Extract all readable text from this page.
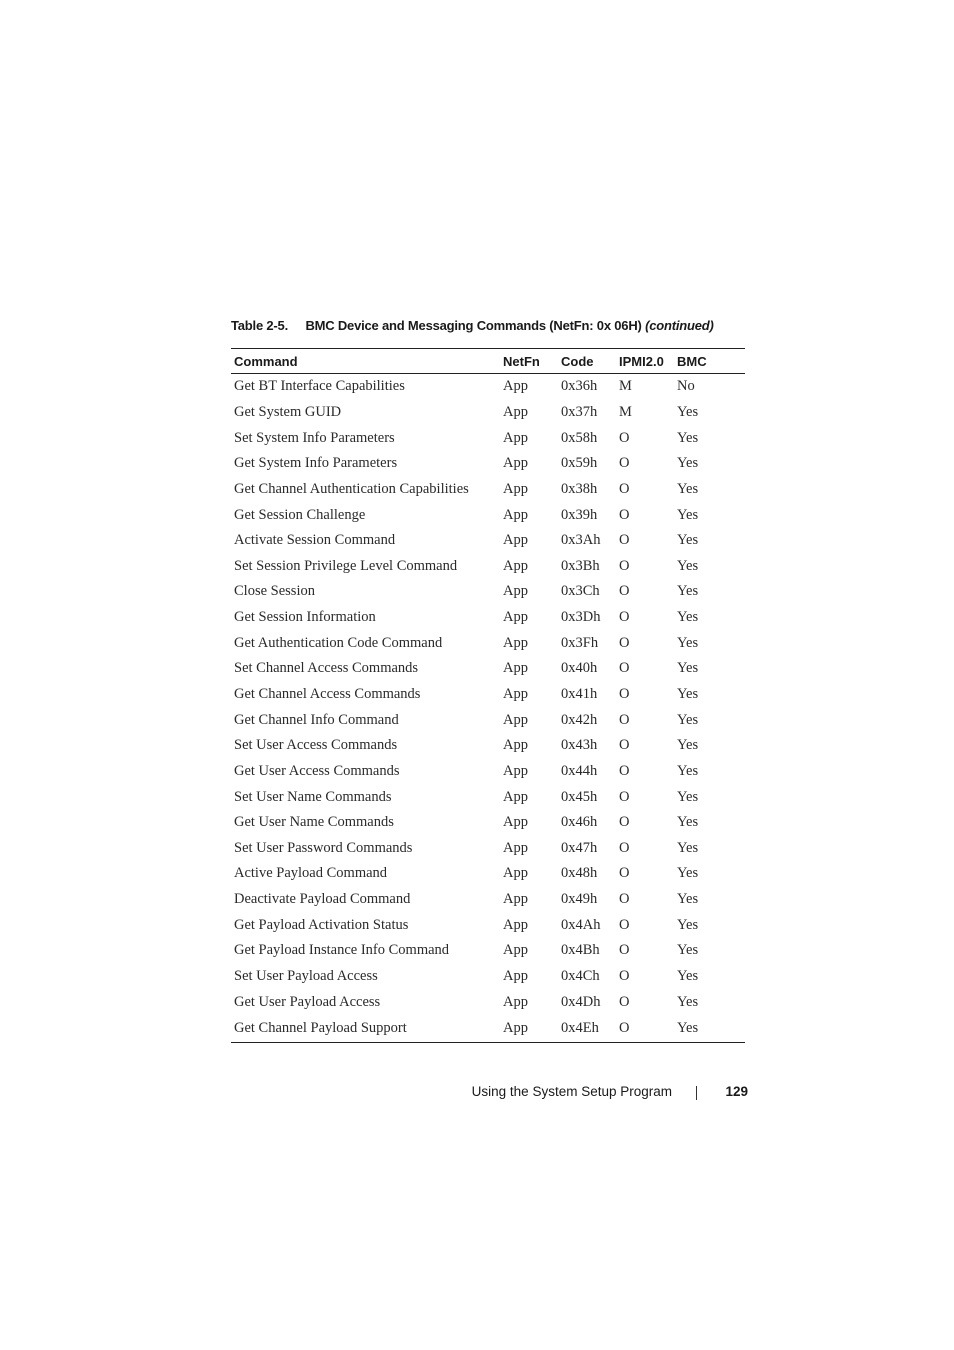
Table 2-5. BMC Device and Messaging Commands (NetFn: 0x 06H) (continued)
Command	NetFn	Code	IPMI2.0	BMC
Get BT Interface Capabilities	App	0x36h	M	No
Get System GUID	App	0x37h	M	Yes
Set System Info Parameters	App	0x58h	O	Yes
Get System Info Parameters	App	0x59h	O	Yes
Get Channel Authentication Capabilities	App	0x38h	O	Yes
Get Session Challenge	App	0x39h	O	Yes
Activate Session Command	App	0x3Ah	O	Yes
Set Session Privilege Level Command	App	0x3Bh	O	Yes
Close Session	App	0x3Ch	O	Yes
Get Session Information	App	0x3Dh	O	Yes
Get Authentication Code Command	App	0x3Fh	O	Yes
Set Channel Access Commands	App	0x40h	O	Yes
Get Channel Access Commands	App	0x41h	O	Yes
Get Channel Info Command	App	0x42h	O	Yes
Set User Access Commands	App	0x43h	O	Yes
Get User Access Commands	App	0x44h	O	Yes
Set User Name Commands	App	0x45h	O	Yes
Get User Name Commands	App	0x46h	O	Yes
Set User Password Commands	App	0x47h	O	Yes
Active Payload Command	App	0x48h	O	Yes
Deactivate Payload Command	App	0x49h	O	Yes
Get Payload Activation Status	App	0x4Ah	O	Yes
Get Payload Instance Info Command	App	0x4Bh	O	Yes
Set User Payload Access	App	0x4Ch	O	Yes
Get User Payload Access	App	0x4Dh	O	Yes
Get Channel Payload Support	App	0x4Eh	O	Yes
Using the System Setup Program	129
